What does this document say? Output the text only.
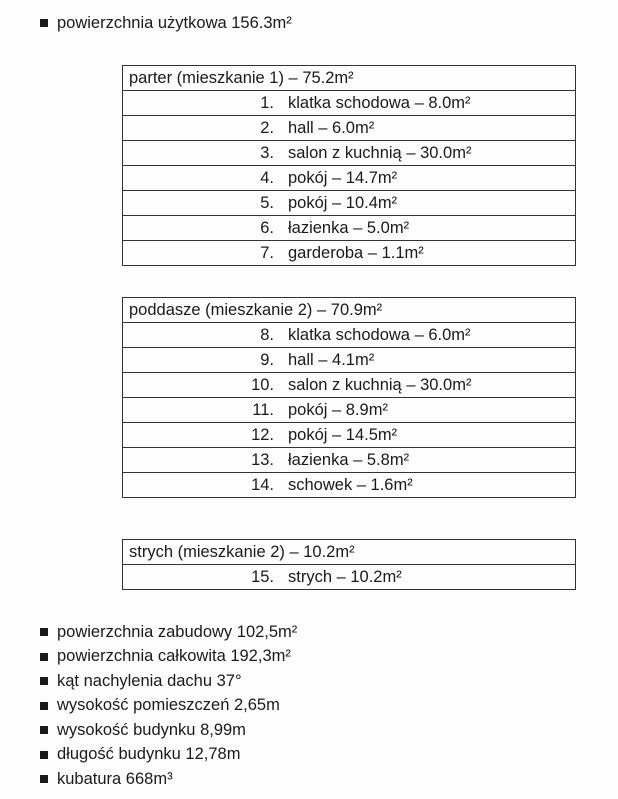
powierzchnia użytkowa 156.3m²
parter (mieszkanie 1) – 75.2m²
1. klatka schodowa – 8.0m²
2. hall – 6.0m²
3. salon z kuchnią – 30.0m²
4. pokój – 14.7m²
5. pokój – 10.4m²
6. łazienka – 5.0m²
7. garderoba – 1.1m²
poddasze (mieszkanie 2) – 70.9m²
8. klatka schodowa – 6.0m²
9. hall – 4.1m²
10. salon z kuchnią – 30.0m²
11. pokój – 8.9m²
12. pokój – 14.5m²
13. łazienka – 5.8m²
14. schowek – 1.6m²
strych (mieszkanie 2) – 10.2m²
15. strych – 10.2m²
powierzchnia zabudowy 102,5m²
powierzchnia całkowita 192,3m²
kąt nachylenia dachu 37°
wysokość pomieszczeń 2,65m
wysokość budynku 8,99m
długość budynku 12,78m
kubatura 668m³
